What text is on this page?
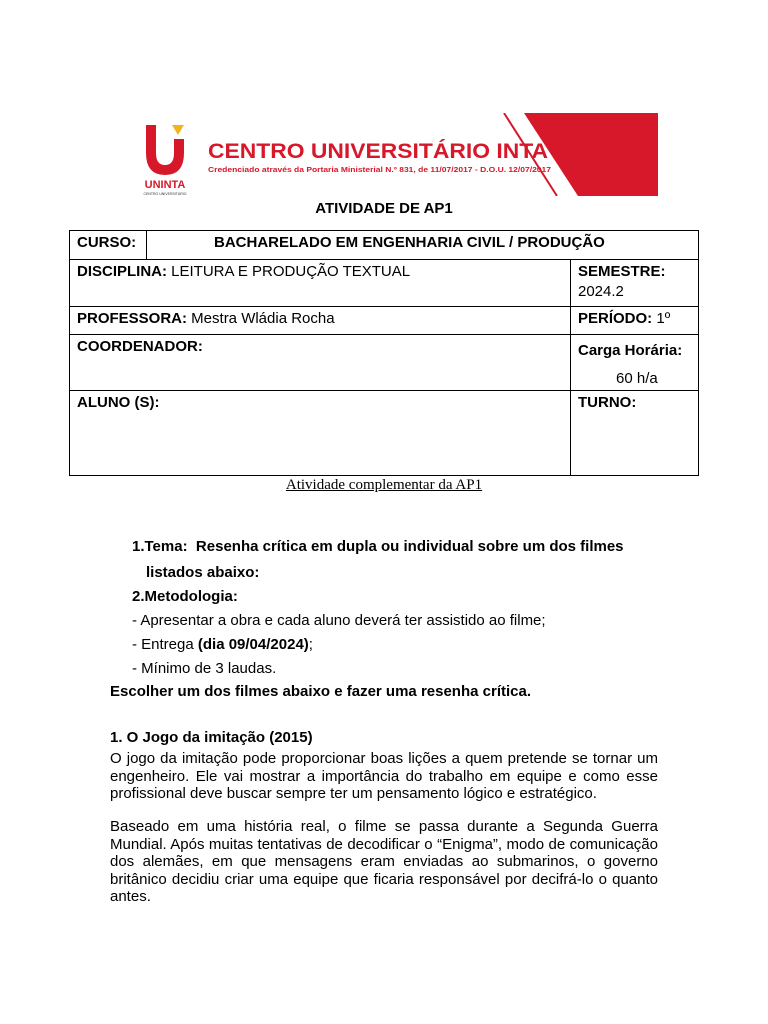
UNINTA
CENTRO UNIVERSITÁRIO
CENTRO UNIVERSITÁRIO INTA
Credenciado através da Portaria Ministerial N.º 831, de 11/07/2017 - D.O.U. 12/07/2017
ATIVIDADE DE AP1
CURSO:	BACHARELADO EM ENGENHARIA CIVIL / PRODUÇÃO	
DISCIPLINA: LEITURA E PRODUÇÃO TEXTUAL		SEMESTRE:
2024.2
PROFESSORA: Mestra Wládia Rocha		PERÍODO: 1º
COORDENADOR:		Carga Horária:
60 h/a

ALUNO (S):		TURNO:
Atividade complementar da AP1
1.Tema: Resenha crítica em dupla ou individual sobre um dos filmes
listados abaixo:
2.Metodologia:
- Apresentar a obra e cada aluno deverá ter assistido ao filme;
- Entrega (dia 09/04/2024);
- Mínimo de 3 laudas.
Escolher um dos filmes abaixo e fazer uma resenha crítica.
1. O Jogo da imitação (2015)
O jogo da imitação pode proporcionar boas lições a quem pretende se tornar um engenheiro. Ele vai mostrar a importância do trabalho em equipe e como esse profissional deve buscar sempre ter um pensamento lógico e estratégico.
Baseado em uma história real, o filme se passa durante a Segunda Guerra Mundial. Após muitas tentativas de decodificar o “Enigma”, modo de comunicação dos alemães, em que mensagens eram enviadas ao submarinos, o governo britânico decidiu criar uma equipe que ficaria responsável por decifrá-lo o quanto antes.
